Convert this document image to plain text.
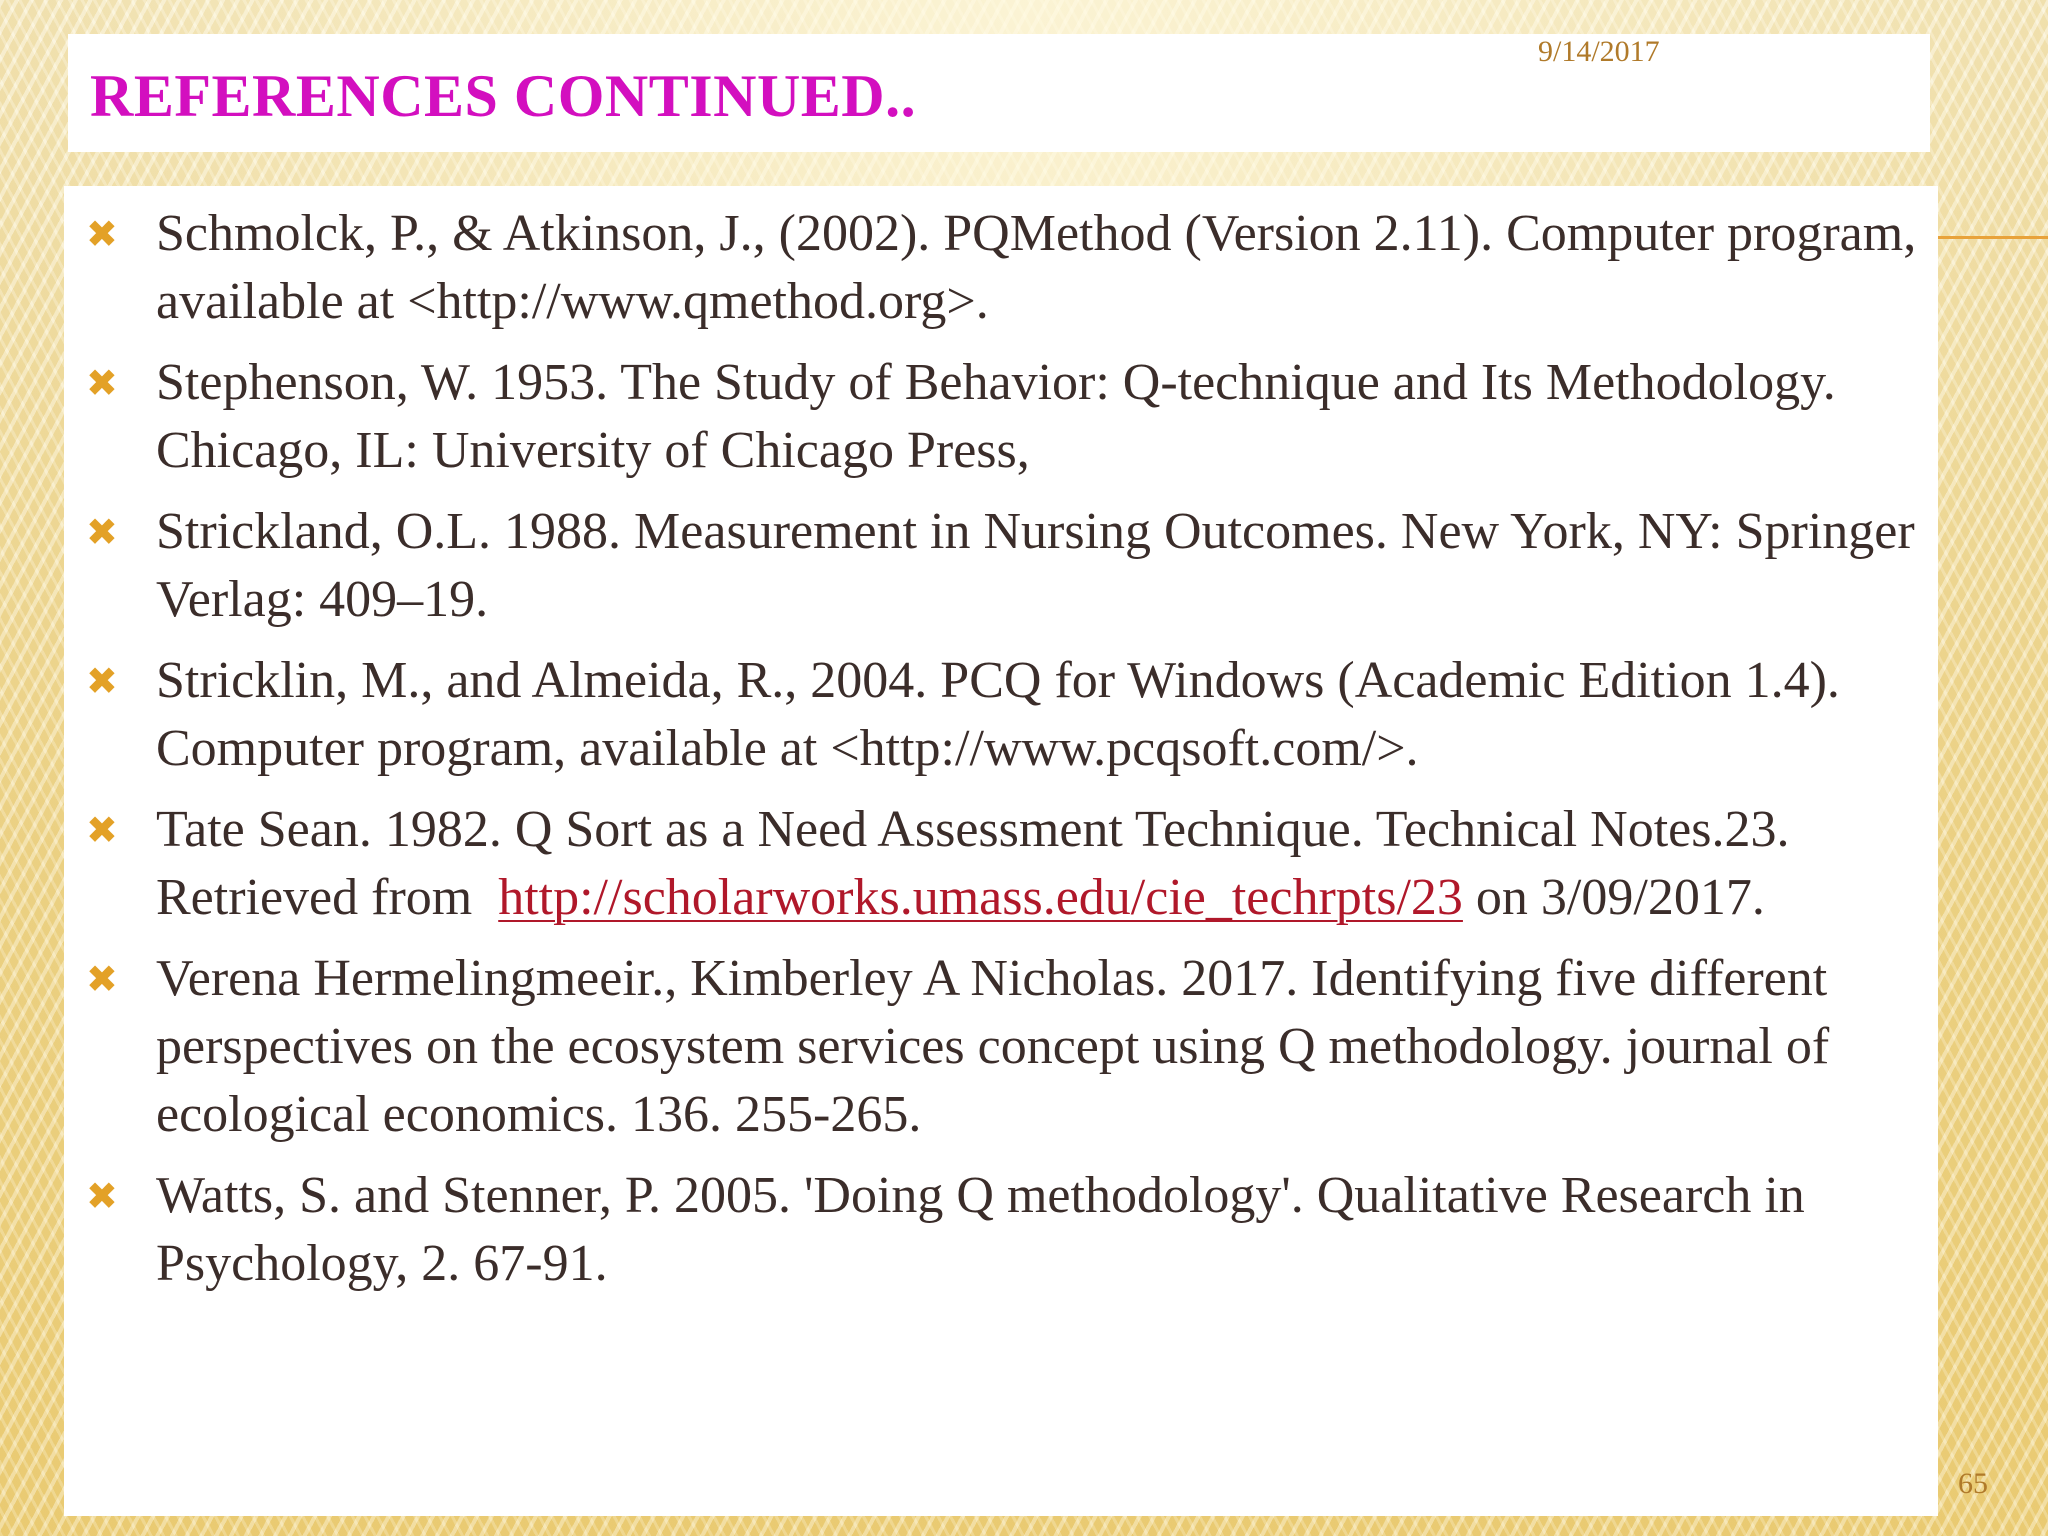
REFERENCES CONTINUED..
9/14/2017
✖ Schmolck, P., & Atkinson, J., (2002). PQMethod (Version 2.11). Computer program, available at <http://www.qmethod.org>.
✖ Stephenson, W. 1953. The Study of Behavior: Q-technique and Its Methodology. Chicago, IL: University of Chicago Press,
✖ Strickland, O.L. 1988. Measurement in Nursing Outcomes. New York, NY: Springer Verlag: 409–19.
✖ Stricklin, M., and Almeida, R., 2004. PCQ for Windows (Academic Edition 1.4). Computer program, available at <http://www.pcqsoft.com/>.
✖ Tate Sean. 1982. Q Sort as a Need Assessment Technique. Technical Notes.23. Retrieved from  http://scholarworks.umass.edu/cie_techrpts/23 on 3/09/2017.
✖ Verena Hermelingmeeir., Kimberley A Nicholas. 2017. Identifying five different perspectives on the ecosystem services concept using Q methodology. journal of ecological economics. 136. 255-265.
✖ Watts, S. and Stenner, P. 2005. 'Doing Q methodology'. Qualitative Research in Psychology, 2. 67-91.
65
